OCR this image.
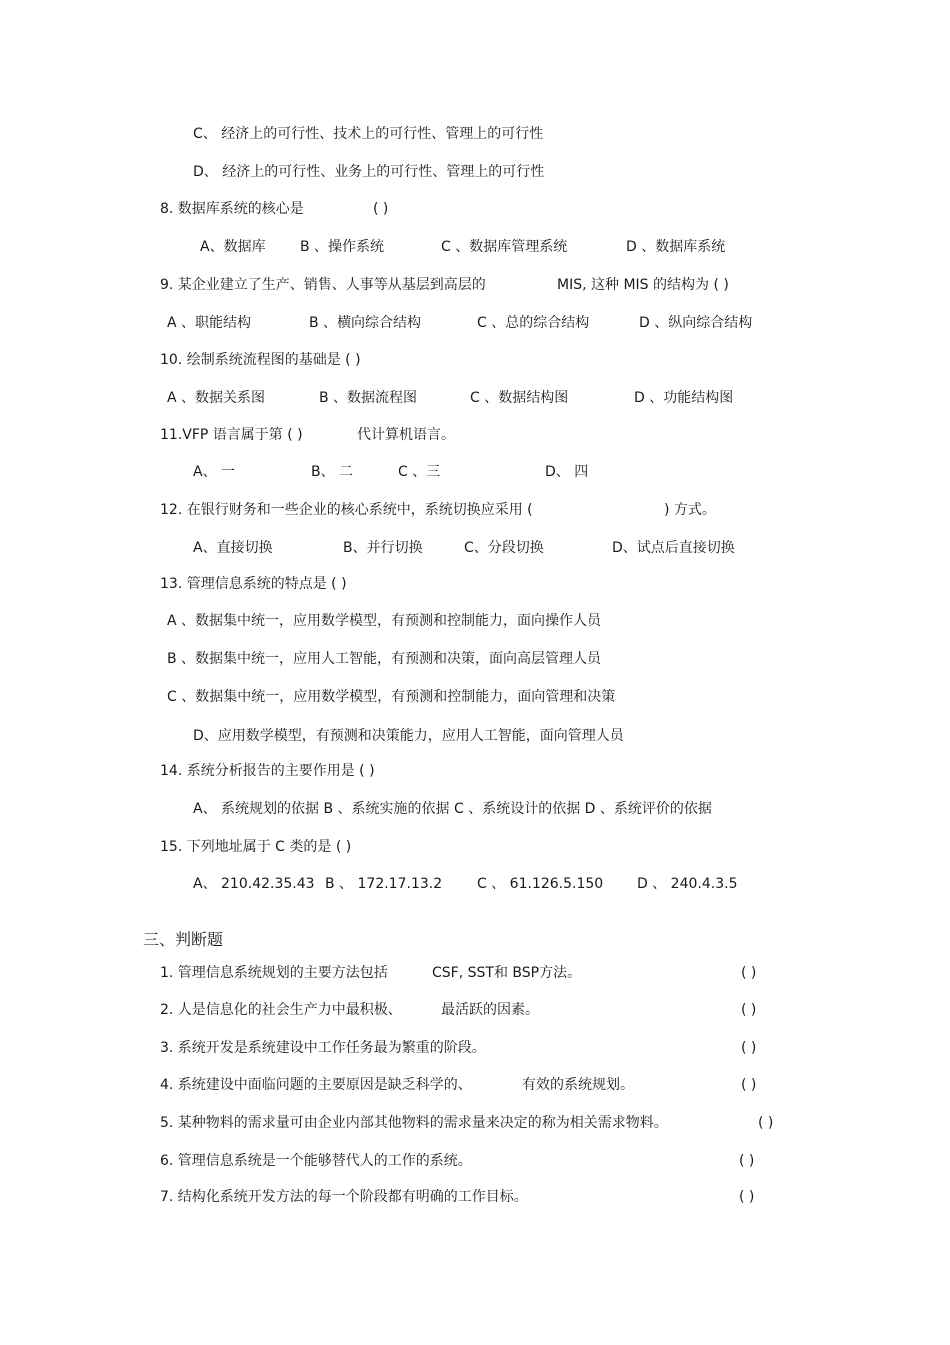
C、 经济上的可行性、技术上的可行性、管理上的可行性
D、 经济上的可行性、业务上的可行性、管理上的可行性
8. 数据库系统的核心是	( )
A、数据库 B 、操作系统	C 、数据库管理系统	D 、数据库系统
9. 某企业建立了生产、销售、人事等从基层到高层的	MIS, 这种 MIS 的结构为 ( )
A 、职能结构	B 、横向综合结构	C 、总的综合结构	D 、纵向综合结构
10. 绘制系统流程图的基础是 ( )
A 、数据关系图	B 、数据流程图	C 、数据结构图	D 、功能结构图
11.VFP 语言属于第 ( )	代计算机语言。
A、 一	B、 二	C 、三	D、 四
12. 在银行财务和一些企业的核心系统中，系统切换应采用 (	) 方式。
A、直接切换	B、并行切换	C、分段切换	D、试点后直接切换
13. 管理信息系统的特点是 ( )
A 、数据集中统一，应用数学模型，有预测和控制能力，面向操作人员
B 、数据集中统一，应用人工智能，有预测和决策，面向高层管理人员
C 、数据集中统一，应用数学模型，有预测和控制能力，面向管理和决策
D、应用数学模型，有预测和决策能力，应用人工智能，面向管理人员
14. 系统分析报告的主要作用是 ( )
A、 系统规划的依据 B 、系统实施的依据 C 、系统设计的依据 D 、系统评价的依据
15. 下列地址属于 C 类的是 ( )
A、 210.42.35.43 B 、 172.17.13.2 C 、 61.126.5.150 D 、 240.4.3.5
三、判断题
1. 管理信息系统规划的主要方法包括	CSF, SST和 BSP方法。	( )
2. 人是信息化的社会生产力中最积极、	最活跃的因素。	( )
3. 系统开发是系统建设中工作任务最为繁重的阶段。	( )
4. 系统建设中面临问题的主要原因是缺乏科学的、	有效的系统规划。	( )
5. 某种物料的需求量可由企业内部其他物料的需求量来决定的称为相关需求物料。	( )
6. 管理信息系统是一个能够替代人的工作的系统。	( )
7. 结构化系统开发方法的每一个阶段都有明确的工作目标。	( )
